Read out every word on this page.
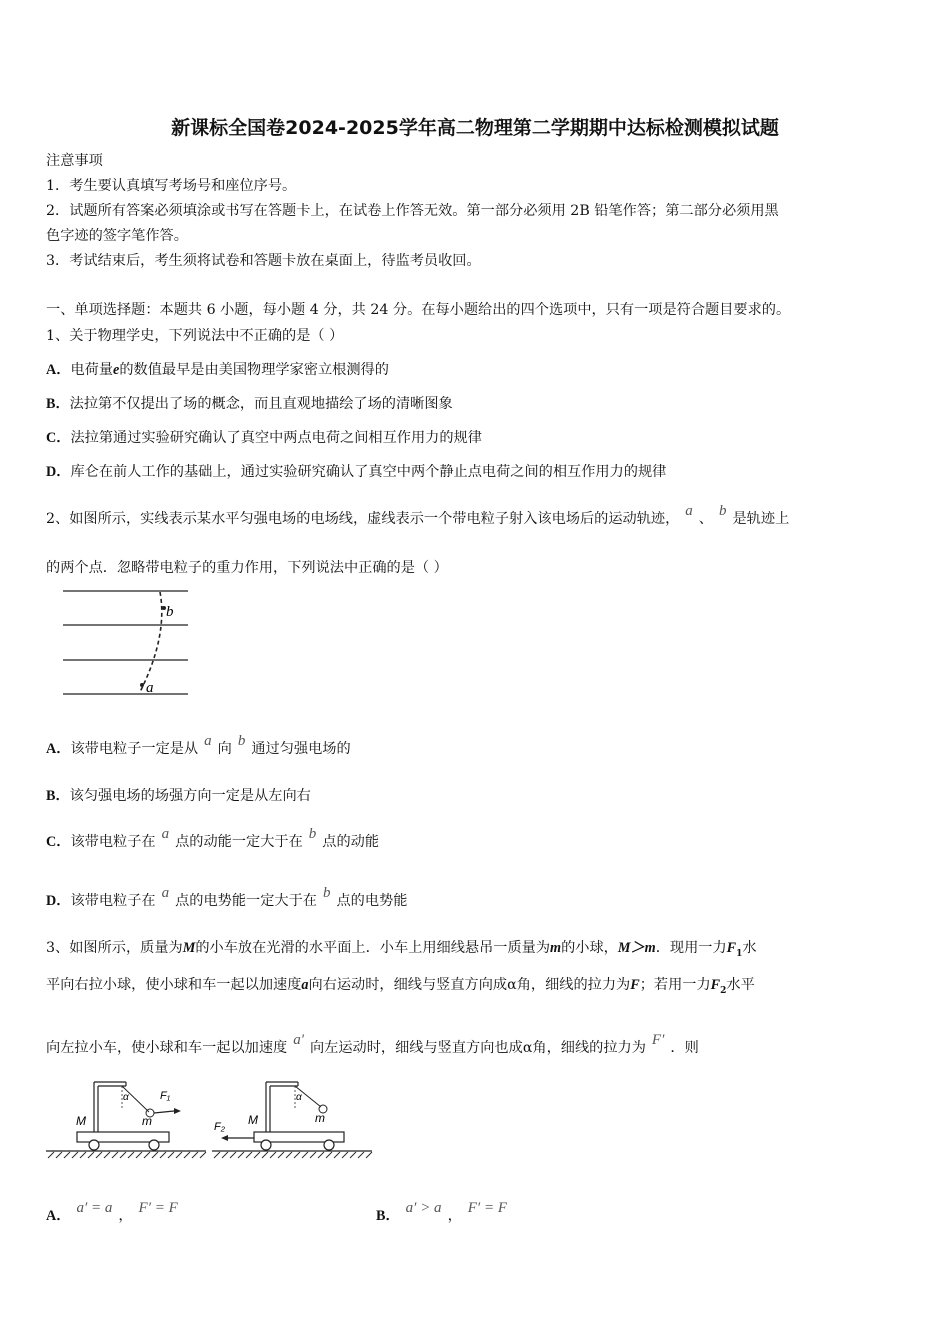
新课标全国卷2024-2025学年高二物理第二学期期中达标检测模拟试题
注意事项
1．考生要认真填写考场号和座位序号。
2．试题所有答案必须填涂或书写在答题卡上，在试卷上作答无效。第一部分必须用 2B 铅笔作答；第二部分必须用黑
色字迹的签字笔作答。
3．考试结束后，考生须将试卷和答题卡放在桌面上，待监考员收回。
一、单项选择题：本题共 6 小题，每小题 4 分，共 24 分。在每小题给出的四个选项中，只有一项是符合题目要求的。
1、关于物理学史，下列说法中不正确的是（ ）
A．电荷量e的数值最早是由美国物理学家密立根测得的
B．法拉第不仅提出了场的概念，而且直观地描绘了场的清晰图象
C．法拉第通过实验研究确认了真空中两点电荷之间相互作用力的规律
D．库仑在前人工作的基础上，通过实验研究确认了真空中两个静止点电荷之间的相互作用力的规律
2、如图所示，实线表示某水平匀强电场的电场线，虚线表示一个带电粒子射入该电场后的运动轨迹， a 、 b 是轨迹上
的两个点．忽略带电粒子的重力作用，下列说法中正确的是（ ）
b
a
A．该带电粒子一定是从 a 向 b 通过匀强电场的
B．该匀强电场的场强方向一定是从左向右
C．该带电粒子在 a 点的动能一定大于在 b 点的动能
D．该带电粒子在 a 点的电势能一定大于在 b 点的电势能
3、如图所示，质量为M的小车放在光滑的水平面上．小车上用细线悬吊一质量为m的小球，M＞m．现用一力$F_1$水
平向右拉小球，使小球和车一起以加速度a向右运动时，细线与竖直方向成α角，细线的拉力为F；若用一力$F_2$水平
向左拉小车，使小球和车一起以加速度 a′ 向左运动时，细线与竖直方向也成α角，细线的拉力为 F′ ．则
M	m
α	F₁
M	m
α
F₂
A． a′ = a ， F′ = F	B． a′ > a ， F′ = F
